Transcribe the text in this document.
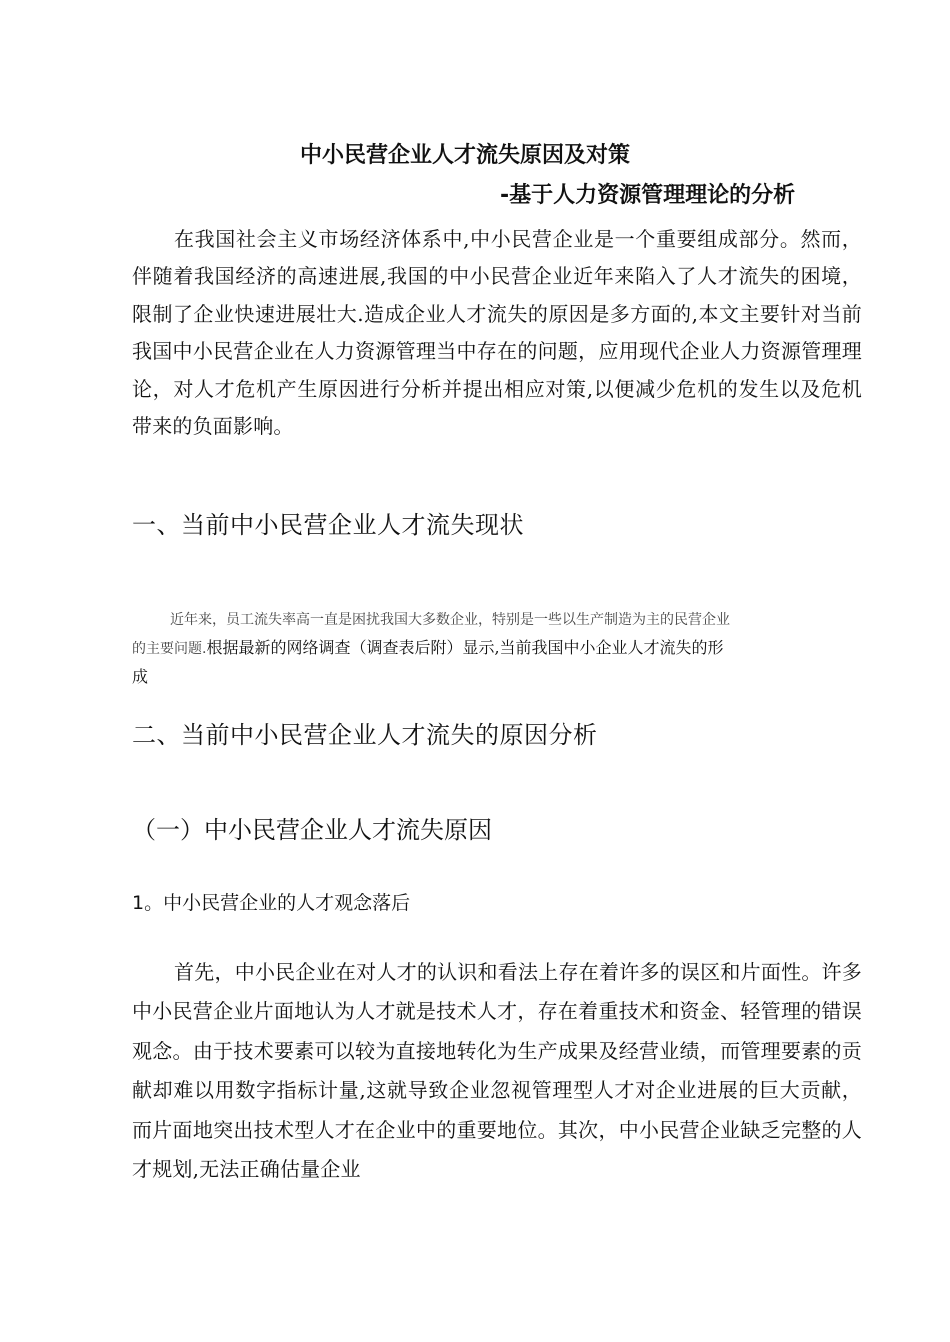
中小民营企业人才流失原因及对策
-基于人力资源管理理论的分析

在我国社会主义市场经济体系中,中小民营企业是一个重要组成部分。然而，伴随着我国经济的高速进展,我国的中小民营企业近年来陷入了人才流失的困境，限制了企业快速进展壮大.造成企业人才流失的原因是多方面的,本文主要针对当前我国中小民营企业在人力资源管理当中存在的问题，应用现代企业人力资源管理理论，对人才危机产生原因进行分析并提出相应对策,以便减少危机的发生以及危机带来的负面影响。

一、当前中小民营企业人才流失现状
近年来，员工流失率高一直是困扰我国大多数企业，特别是一些以生产制造为主的民营企业
的主要问题.根据最新的网络调查（调查表后附）显示,当前我国中小企业人才流失的形
成
二、当前中小民营企业人才流失的原因分析
（一）中小民营企业人才流失原因
1。中小民营企业的人才观念落后

首先，中小民企业在对人才的认识和看法上存在着许多的误区和片面性。许多中小民营企业片面地认为人才就是技术人才，存在着重技术和资金、轻管理的错误观念。由于技术要素可以较为直接地转化为生产成果及经营业绩，而管理要素的贡献却难以用数字指标计量,这就导致企业忽视管理型人才对企业进展的巨大贡献，而片面地突出技术型人才在企业中的重要地位。其次，中小民营企业缺乏完整的人才规划,无法正确估量企业
